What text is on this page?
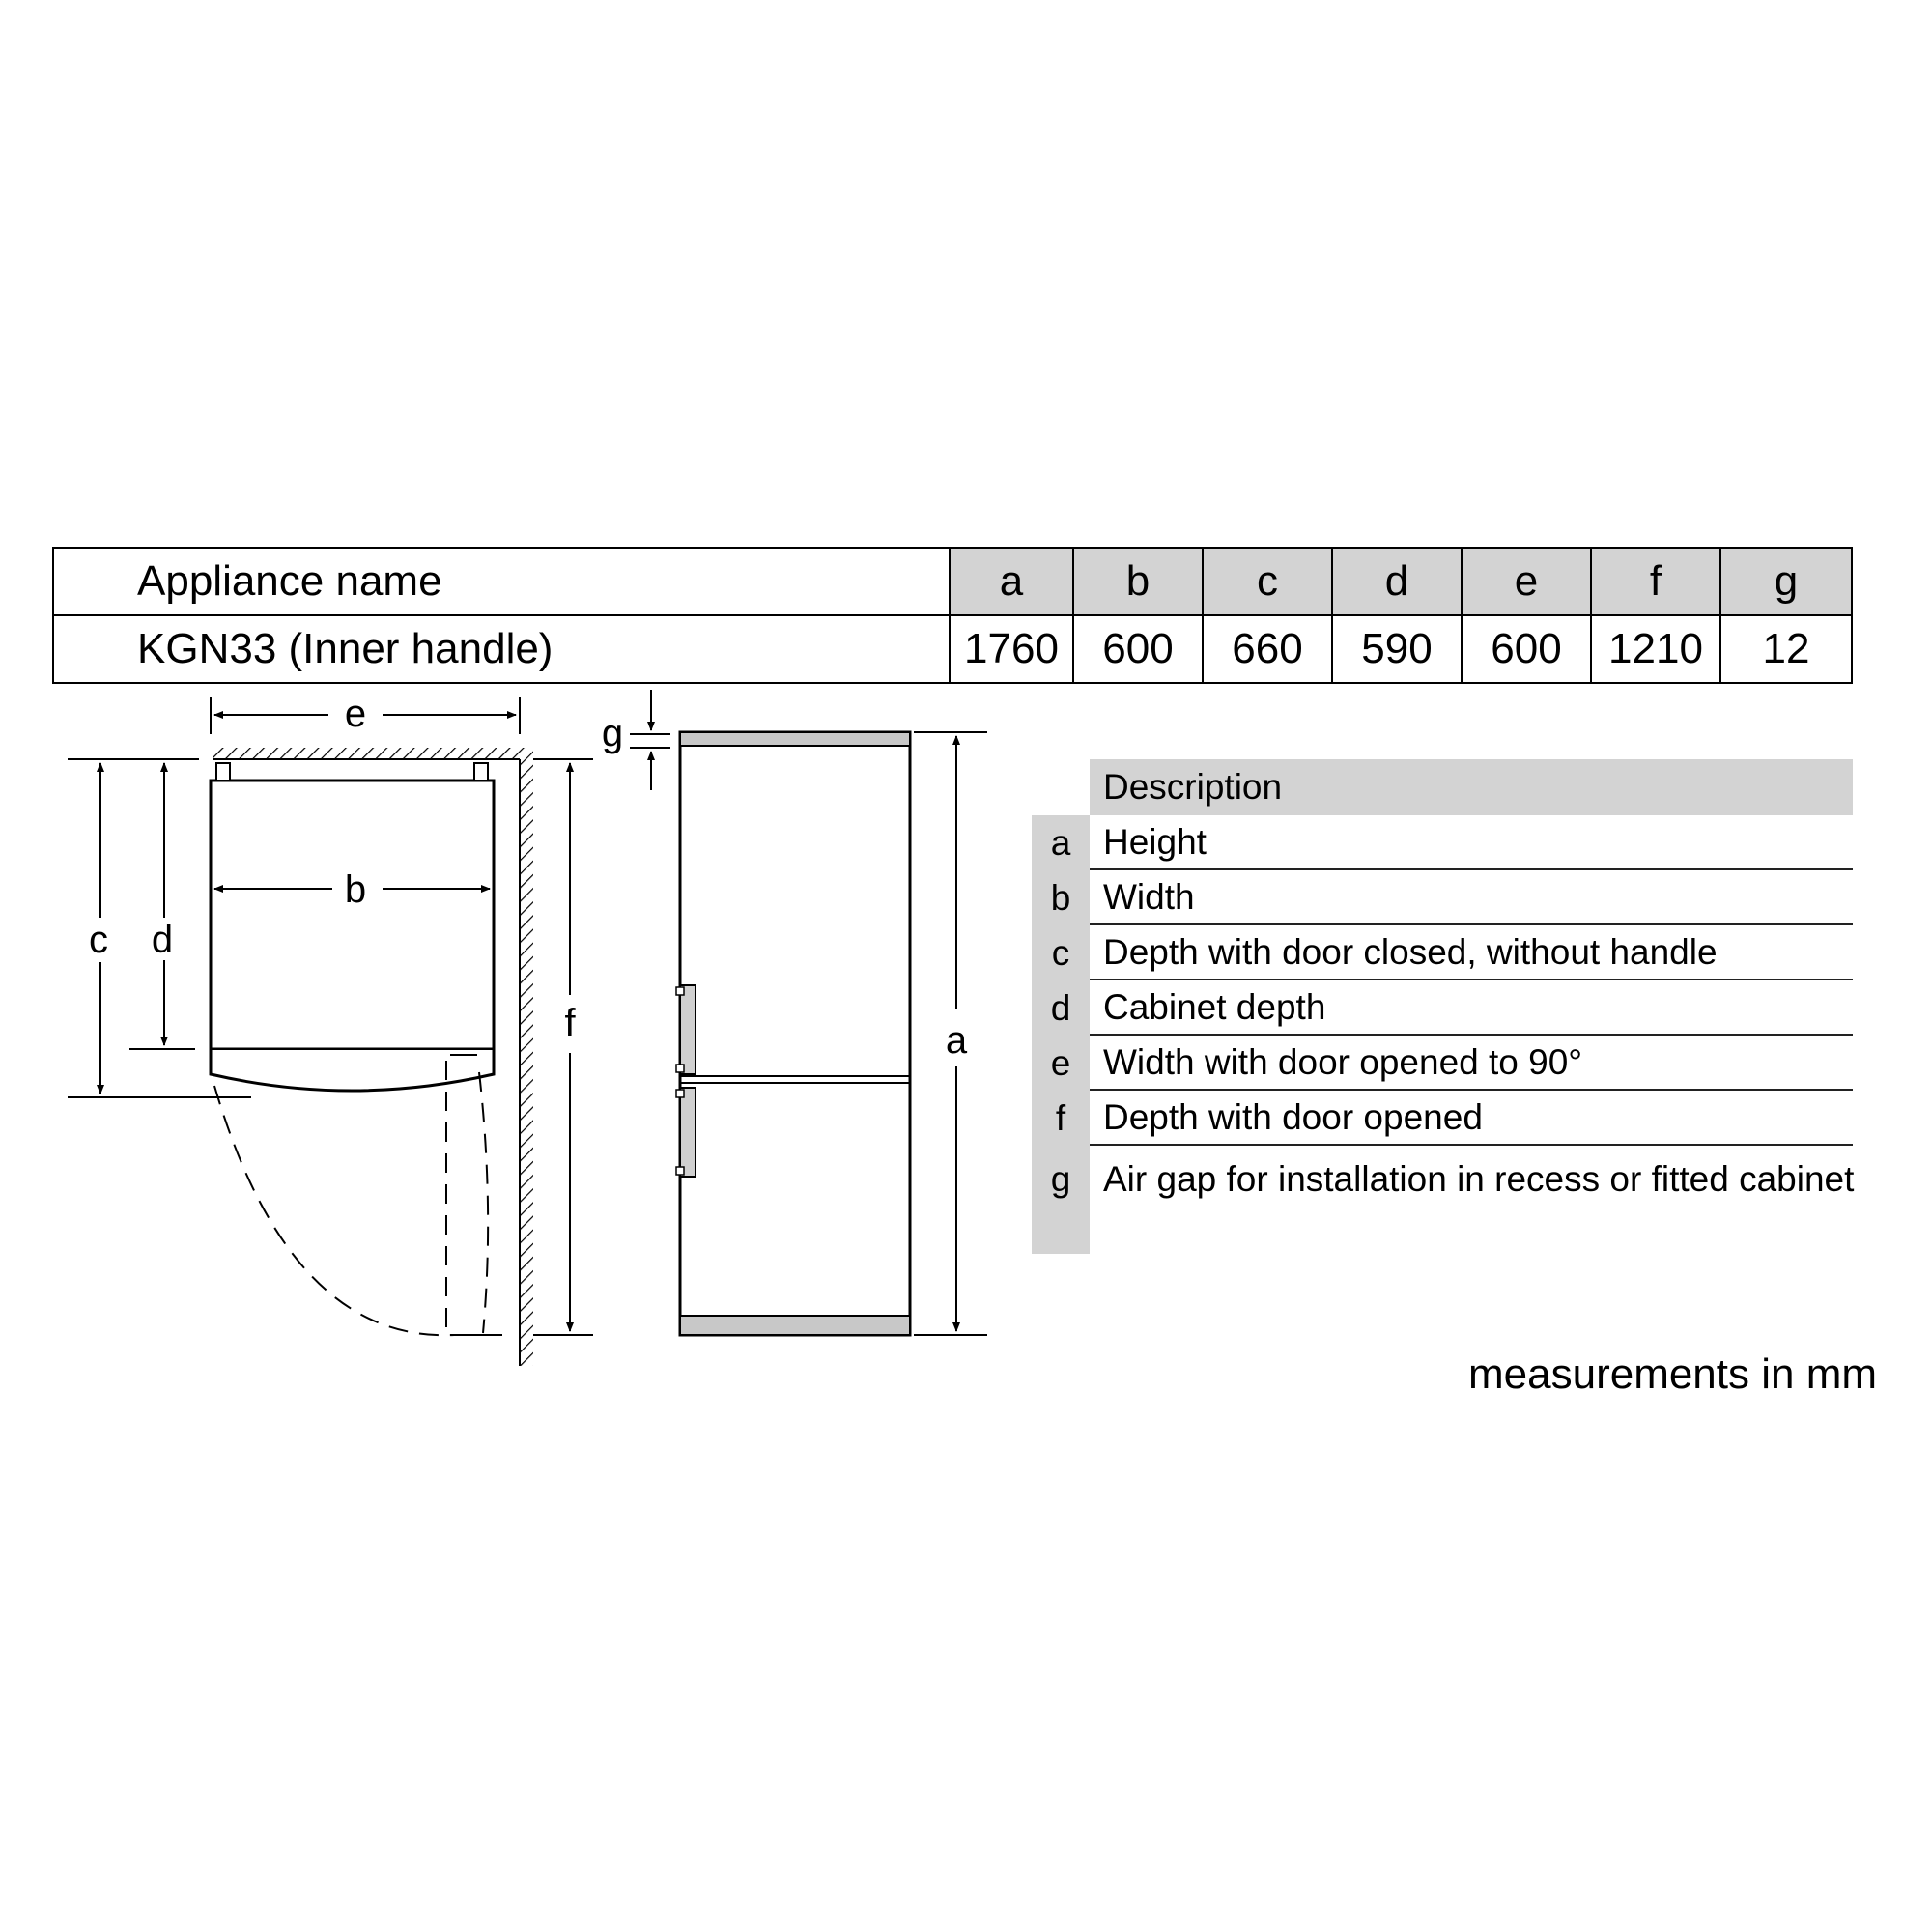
Appliance name	a	b	c	d	e	f	g
KGN33 (Inner handle)	1760	600	660	590	600	1210	12
e
b
c d
f
g
a
Description
a Height
b Width
c Depth with door closed, without handle
d Cabinet depth
e Width with door opened to 90°
f	Depth with door opened
g Air gap for installation in recess or fitted cabinet
measurements in mm
